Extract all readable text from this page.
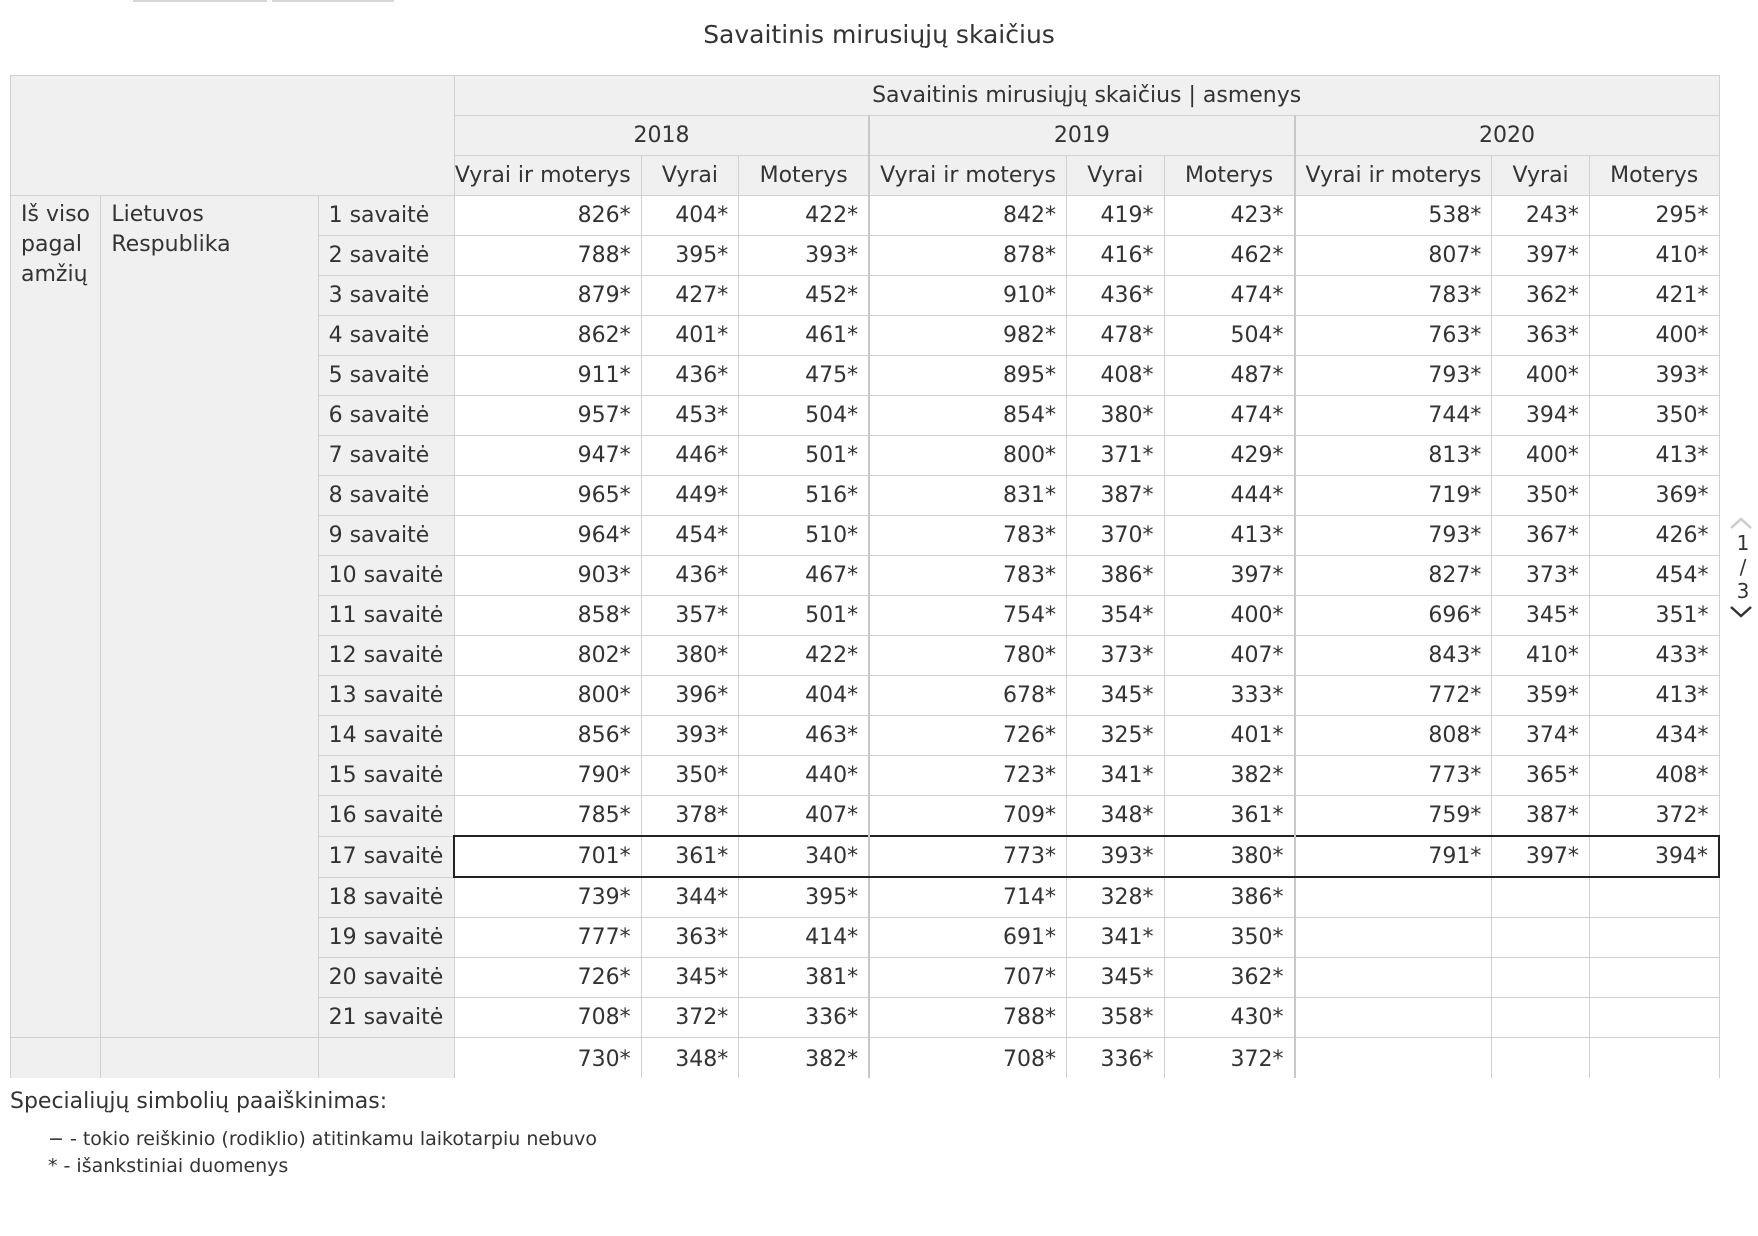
Savaitinis mirusiųjų skaičius
			Savaitinis mirusiųjų skaičius | asmenys								
			2018			2019			2020		
			Vyrai ir moterys	Vyrai	Moterys	Vyrai ir moterys	Vyrai	Moterys	Vyrai ir moterys	Vyrai	Moterys
Iš viso pagal amžių	Lietuvos Respublika	1 savaitė	826*	404*	422*	842*	419*	423*	538*	243*	295*
		2 savaitė	788*	395*	393*	878*	416*	462*	807*	397*	410*
		3 savaitė	879*	427*	452*	910*	436*	474*	783*	362*	421*
		4 savaitė	862*	401*	461*	982*	478*	504*	763*	363*	400*
		5 savaitė	911*	436*	475*	895*	408*	487*	793*	400*	393*
		6 savaitė	957*	453*	504*	854*	380*	474*	744*	394*	350*
		7 savaitė	947*	446*	501*	800*	371*	429*	813*	400*	413*
		8 savaitė	965*	449*	516*	831*	387*	444*	719*	350*	369*
		9 savaitė	964*	454*	510*	783*	370*	413*	793*	367*	426*
		10 savaitė	903*	436*	467*	783*	386*	397*	827*	373*	454*
		11 savaitė	858*	357*	501*	754*	354*	400*	696*	345*	351*
		12 savaitė	802*	380*	422*	780*	373*	407*	843*	410*	433*
		13 savaitė	800*	396*	404*	678*	345*	333*	772*	359*	413*
		14 savaitė	856*	393*	463*	726*	325*	401*	808*	374*	434*
		15 savaitė	790*	350*	440*	723*	341*	382*	773*	365*	408*
		16 savaitė	785*	378*	407*	709*	348*	361*	759*	387*	372*
		17 savaitė	701*	361*	340*	773*	393*	380*	791*	397*	394*
		18 savaitė	739*	344*	395*	714*	328*	386*			
		19 savaitė	777*	363*	414*	691*	341*	350*			
		20 savaitė	726*	345*	381*	707*	345*	362*			
		21 savaitė	708*	372*	336*	788*	358*	430*			
			730*	348*	382*	708*	336*	372*			
1
/
3
Specialiųjų simbolių paaiškinimas:
− - tokio reiškinio (rodiklio) atitinkamu laikotarpiu nebuvo
* - išankstiniai duomenys
